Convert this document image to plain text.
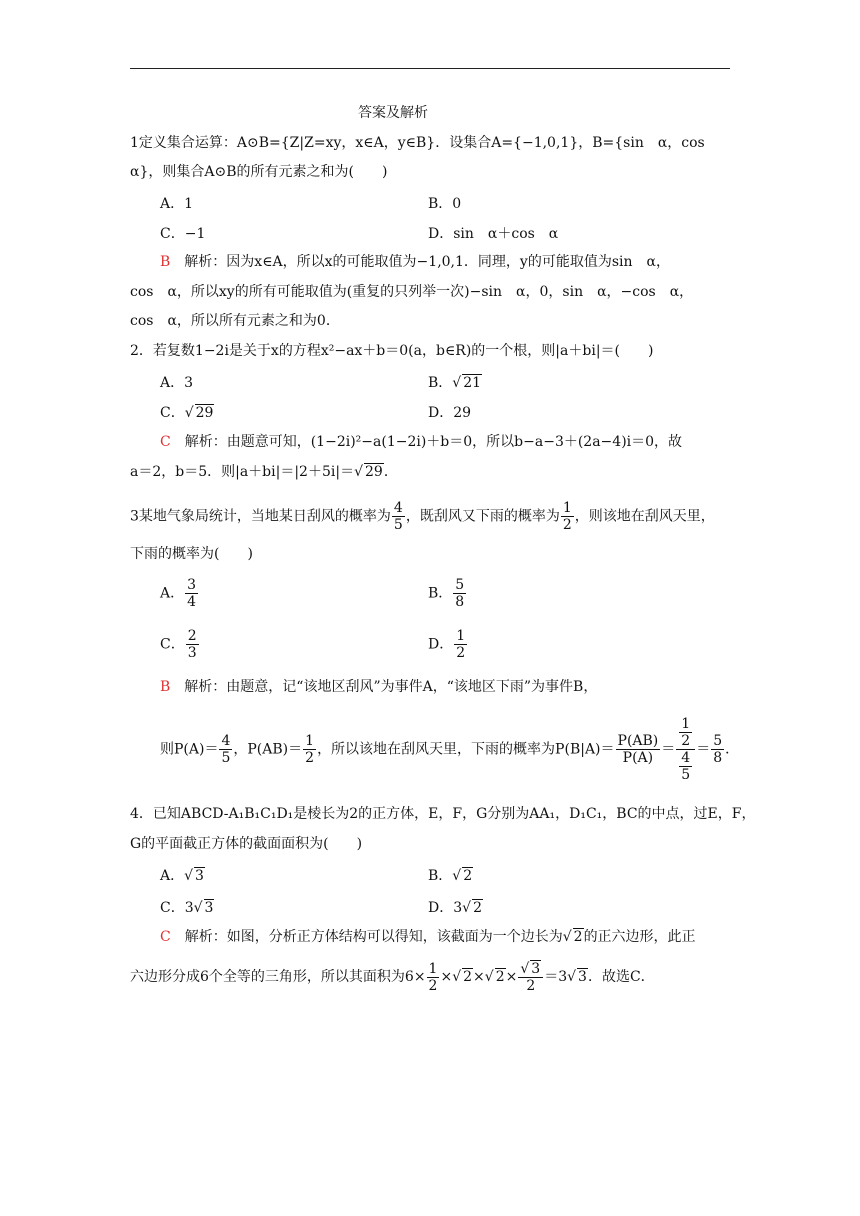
答案及解析
1定义集合运算：A⊙B={Z|Z=xy，x∈A，y∈B}．设集合A={−1,0,1}，B={sin　α，cos
α}，则集合A⊙B的所有元素之和为(　　)
A．1	B．0
C．−1	D．sin　α＋cos　α
B　解析：因为x∈A，所以x的可能取值为−1,0,1．同理，y的可能取值为sin　α，
cos　α，所以xy的所有可能取值为(重复的只列举一次)−sin　α，0，sin　α，−cos　α，
cos　α，所以所有元素之和为0．
2．若复数1−2i是关于x的方程x²−ax＋b＝0(a，b∈R)的一个根，则|a＋bi|＝(　　)
A．3	B．√ 21
C．√ 29	D．29
C　解析：由题意可知，(1−2i)²−a(1−2i)＋b＝0，所以b−a−3＋(2a−4)i＝0，故
a＝2，b＝5．则|a＋bi|＝|2＋5i|＝√ 29．
3某地气象局统计，当地某日刮风的概率为 $\frac{4}{5}$ ，既刮风又下雨的概率为 $\frac{1}{2}$ ，则该地在刮风天里，
下雨的概率为(　　)
A． $\frac{3}{4}$	B． $\frac{5}{8}$
C． $\frac{2}{3}$	D． $\frac{1}{2}$
B　解析：由题意，记“该地区刮风”为事件A，“该地区下雨”为事件B，
则$P(A)= \frac{4}{5}$ ，$P(AB)= \frac{1}{2}$ ，所以该地在刮风天里，下雨的概率为$P(B|A)= \frac{P(AB)}{P(A)} = \frac{\frac{1}{2}}{\frac{4}{5}} = \frac{5}{8}$ ．
4．已知ABCD-A₁B₁C₁D₁是棱长为2的正方体，E，F，G分别为AA₁，D₁C₁，BC的中点，过E，F，
G的平面截正方体的截面面积为(　　)
A．√ 3	B．√ 2
C．3√ 3	D．3√ 2
C　解析：如图，分析正方体结构可以得知，该截面为一个边长为√ 2的正六边形，此正
六边形分成6个全等的三角形，所以其面积为$6\times \frac{1}{2}$ ×√ 2×√ $2\times \frac{√ 3}{2} =3√$ 3．故选C．
